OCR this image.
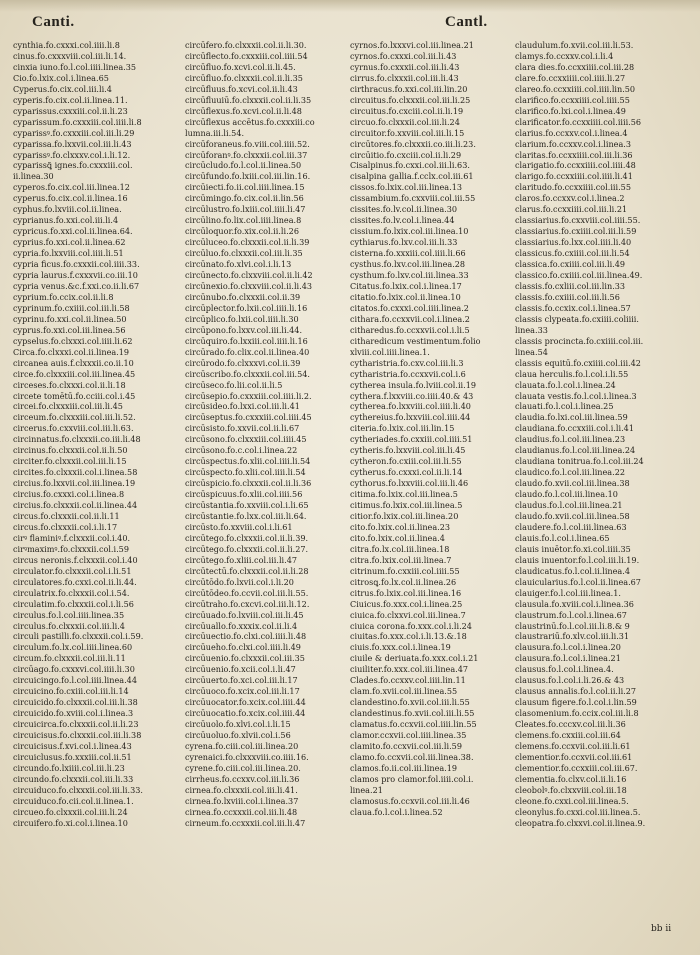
Canti.	Cantl.
cynthia.fo.cxxxi.col.iiii.li.8
cinus.fo.cxxxviii.col.iii.li.14.
cinxia iuno.fo.l.col.iiii.linea.35
Cio.fo.lxix.col.i.linea.65
Cyperus.fo.cix.col.iii.li.4
cyperis.fo.cix.col.ii.linea.11.
cyparissus.cxxxiii.col.ii.li.23
cyparissum.fo.cxxxiii.col.iiii.li.8
cyparissꝰ.fo.cxxxiii.col.iii.li.29
cyparissa.fo.lxxvii.col.iii.li.43
cyparissꝰ.fo.clxxxv.col.i.li.12.
cyparissꝗ̃ ignes.fo.cxxxiii.col.
ii.linea.30
cyperos.fo.cix.col.iii.linea.12
cyperus.fo.cix.col.ii.linea.16
cyphus.fo.lxviii.col.ii.linea.
cyprianus.fo.xxi.col.iii.li.4
cypricus.fo.xxi.col.ii.linea.64.
cyprius.fo.xxi.col.ii.linea.62
cypria.fo.lxxviii.col.iiii.li.51
cypria ficus.fo.cxxxii.col.iiii.33.
cypria laurus.f.cxxxvii.co.iii.10
cypria venus.&c.f.xxi.co.ii.li.67
cyprium.fo.ccix.col.ii.li.8
cyprinum.fo.cxiiii.col.iii.li.58
cyprinu.fo.xxi.col.ii.linea.50
cyprus.fo.xxi.col.iii.linea.56
cypselus.fo.clxxxi.col.iiii.li.62
Circa.fo.clxxxi.col.ii.linea.19
circanea auis.f.clxxxii.co.ii.10
circe.fo.clxxxiii.col.iii.linea.45
circeses.fo.clxxxi.col.ii.li.18
circete tomētū.fo.cciii.col.i.45
circei.fo.clxxxiii.col.iii.li.45
circeum.fo.clxxxiii.col.iii.li.52.
circerus.fo.cxxviii.col.iii.li.63.
circinnatus.fo.clxxxii.co.iii.li.48
circinus.fo.clxxxii.col.ii.li.50
circiter.fo.clxxxii.col.iii.li.15
circites.fo.clxxxii.col.i.linea.58
circius.fo.lxxvii.col.iii.linea.19
circius.fo.cxxxi.col.i.linea.8
circius.fo.clxxxii.col.ii.linea.44
circus.fo.clxxxii.col.ii.li.11
circus.fo.clxxxii.col.i.li.17
cirꝰ flaminiꝰ.f.clxxxii.col.i.40.
cirꝰmaximꝰ.fo.clxxxii.col.i.59
circus neronis.f.clxxxii.col.i.40
circulator.fo.clxxxii.col.i.li.51
circulatores.fo.cxxi.col.ii.li.44.
circulatrix.fo.clxxxii.col.i.54.
circulatim.fo.clxxxii.col.i.li.56
circulus.fo.l.col.iiii.linea.35
circulus.fo.clxxxii.col.iii.li.4
circuli pastilli.fo.clxxxii.col.i.59.
circulum.fo.lx.col.iiii.linea.60
circum.fo.clxxxii.col.iii.li.11
circūago.fo.cxxxvi.col.iiii.li.30
circuicingo.fo.l.col.iiii.linea.44
circuicino.fo.cxiii.col.iii.li.14
circuicido.fo.clxxxii.col.iii.li.38
circuicido.fo.xviii.col.i.linea.3
circuicirca.fo.clxxxii.col.ii.li.23
circuicisus.fo.clxxxii.col.iii.li.38
circuicisus.f.xvi.col.i.linea.43
circuiclusus.fo.xxxiii.col.ii.51
circundo.fo.lxiiii.col.iii.li.23
circundo.fo.clxxxii.col.iii.li.33
circuiduco.fo.clxxxii.col.iii.li.33.
circuiduco.fo.cii.col.ii.linea.1.
circueo.fo.clxxxii.col.iii.li.24
circuifero.fo.xi.col.i.linea.10
circūfero.fo.clxxxii.col.ii.li.30.
circūflecto.fo.cxxxiii.col.iiii.54
circūfluo.fo.xcvi.col.ii.li.45.
circūfluo.fo.clxxxii.col.ii.li.35
circūfluus.fo.xcvi.col.ii.li.43
circūfluuiū.fo.clxxxii.col.ii.li.35
circūflexus.fo.xcvi.col.ii.li.48
circūflexus accētus.fo.cxxxiii.co
lumna.iii.li.54.
circūforaneus.fo.viii.col.iiii.52.
circūforanꝰ.fo.clxxxii.col.iii.37
circūcludo.fo.l.col.ii.linea.50
circūfundo.fo.lxiii.col.iii.lin.16.
circūiecti.fo.ii.col.iiii.linea.15
circūmingo.fo.cix.col.ii.lin.56
circūlustro.fo.lxiii.col.iiii.li.47
circūlino.fo.lix.col.iiii.linea.8
circūloquor.fo.xix.col.ii.li.26
circūluceo.fo.clxxxii.col.ii.li.39
circūluo.fo.clxxxii.col.iii.li.35
circūnato.fo.xlvi.col.i.li.13
circūnecto.fo.clxxviii.col.ii.li.42
circūnexio.fo.clxxviii.col.ii.li.43
circūnubo.fo.clxxxii.col.ii.39
circūplector.fo.lxii.col.iiii.li.16
circūplico.fo.lxii.col.iiii.li.30
circūpono.fo.lxxv.col.iii.li.44.
circūquiro.fo.lxxiii.col.iiii.li.16
circūrado.fo.clix.col.ii.linea.40
circūrodo.fo.clxxxvi.col.ii.39
circūscribo.fo.clxxxii.col.iii.54.
circūseco.fo.lii.col.ii.li.5
circūsepio.fo.cxxxiii.col.iiii.li.2.
circūsideo.fo.lxxi.col.iii.li.41
circūseptus.fo.cxxxiii.col.iiii.45
circūsisto.fo.xxvii.col.ii.li.67
circūsono.fo.clxxxiii.col.iiii.45
circūsono.fo.c.col.i.linea.22
circūspectus.fo.xlii.col.iiii.li.54
circūspecto.fo.xlii.col.iiii.li.54
circūspicio.fo.clxxxii.col.ii.li.36
circūspicuus.fo.xlii.col.iiii.56
circūstantia.fo.xxviii.col.i.li.65
circūstantie.fo.lxx.col.iii.li.64.
circūsto.fo.xxviii.col.i.li.61
circūtego.fo.clxxxii.col.ii.li.39.
circūtego.fo.clxxxii.col.ii.li.27.
circūtego.fo.xliii.col.iii.li.47
circūtectū.fo.clxxxii.col.ii.li.28
circūtōdo.fo.lxvii.col.i.li.20
circūtōdeo.fo.ccvii.col.iii.li.55.
circūtraho.fo.cxcvi.col.iii.li.12.
circūuado.fo.lxviii.col.iii.li.45
circūuallo.fo.xxxix.col.ii.li.4
circūuectio.fo.clxi.col.iiii.li.48
circūueho.fo.clxi.col.iiii.li.49
circūuenio.fo.clxxxii.col.iii.35
circūuenio.fo.xcii.col.i.li.47
circūuerto.fo.xci.col.iii.li.17
circūuoco.fo.xcix.col.iii.li.17
circūuocator.fo.xcix.col.iiii.44
circūuocatio.fo.xcix.col.iiii.44
circūuolo.fo.xlvi.col.i.li.15
circūuoluo.fo.xlvii.col.i.56
cyrena.fo.ciii.col.iii.linea.20
cyrenaici.fo.clxxxviii.co.iiii.16.
cyrene.fo.ciii.col.iii.linea.20.
cirrheus.fo.ccxxv.col.iii.li.36
cirnea.fo.clxxxii.col.iii.li.41.
cirnea.fo.lxviii.col.i.linea.37
cirnea.fo.ccxxxii.col.iii.li.48
cirneum.fo.ccxxxii.col.iii.li.47
cyrnos.fo.lxxxvi.col.iii.linea.21
cyrnos.fo.cxxxi.col.iii.li.43
cyrnus.fo.cxxxii.col.iii.li.43
cirrus.fo.clxxxii.col.iii.li.43
cirthracus.fo.xxi.col.iii.lin.20
circuitus.fo.clxxxii.col.iii.li.25
circuitus.fo.cxciii.col.ii.li.19
circuo.fo.clxxxii.col.iii.li.24
circuitor.fo.xxviii.col.iii.li.15
circūtores.fo.clxxxii.co.iii.li.23.
circūitio.fo.cxciii.col.ii.li.29
Cisalpinus.fo.cxxi.col.iii.li.63.
cisalpina gallia.f.cclx.col.iii.61
cissos.fo.lxix.col.iii.linea.13
cissambium.fo.cxxviii.col.iii.55
cissites.fo.lv.col.ii.linea.30
cissites.fo.lv.col.i.linea.44
cissium.fo.lxix.col.iii.linea.10
cythiarus.fo.lxv.col.iii.li.33
cisterna.fo.xxxiii.col.iiii.li.66
cysthus.fo.lxv.col.iii.linea.28
cysthum.fo.lxv.col.iii.linea.33
Citatus.fo.lxix.col.i.linea.17
citatio.fo.lxix.col.ii.linea.10
citatos.fo.cxxxi.col.iiii.linea.2
cithara.fo.ccxxvii.col.i.linea.2
citharedus.fo.ccxxvii.col.i.li.5
citharedicum vestimentum.folio
xlviii.col.iiii.linea.1.
cytharistria.fo.cxv.col.iii.li.3
cytharistria.fo.ccxxvii.col.i.6
cytherea insula.fo.lviii.col.ii.19
cythera.f.lxxviii.co.iiii.40.& 43
cytherea.fo.lxxviii.col.iiii.li.40
cythereius.fo.lxxviii.col.iiii.44
citeria.fo.lxix.col.iii.lin.15
cytheriades.fo.cxxiii.col.iiii.51
cytheris.fo.lxxviii.col.iii.li.45
cytheron.fo.cxiii.col.iii.li.55
cytherus.fo.cxxxi.col.ii.li.14
cythorus.fo.lxxviii.col.iii.li.46
citima.fo.lxix.col.iii.linea.5
citimus.fo.lxix.col.iii.linea.5
citior.fo.lxix.col.iii.linea.20
cito.fo.lxix.col.ii.linea.23
cito.fo.lxix.col.ii.linea.4
citra.fo.lx.col.iii.linea.18
citra.fo.lxix.col.iii.linea.7
citrinum.fo.cxxiii.col.iiii.55
citrosꝗ.fo.lx.col.ii.linea.26
citrus.fo.lxix.col.iii.linea.16
Ciuicus.fo.xxx.col.i.linea.25
ciuica.fo.clxxvi.col.iii.linea.7
ciuica corona.fo.xxx.col.i.li.24
ciuitas.fo.xxx.col.i.li.13.&.18
ciuis.fo.xxx.col.i.linea.19
ciuile & deriuata.fo.xxx.col.i.21
ciuiliter.fo.xxx.col.iii.linea.47
Clades.fo.ccxxv.col.iiii.lin.11
clam.fo.xvii.col.iii.linea.55
clandestino.fo.xvii.col.iii.li.55
clandestinus.fo.xvii.col.iii.li.55
clamatus.fo.ccxvii.col.iiii.lin.55
clamor.ccxvii.col.iiii.linea.35
clamito.fo.ccxvii.col.iii.li.59
clamo.fo.ccxvii.col.iii.linea.38.
clamos.fo.ii.col.iii.linea.19
clamos pro clamor.fol.iiii.col.i.
linea.21
clamosus.fo.ccxvii.col.iii.li.46
claua.fo.l.col.i.linea.52
claudulum.fo.xvii.col.iii.li.53.
clamys.fo.ccxxv.col.i.li.4
clara dies.fo.ccxxiiii.col.iii.28
clare.fo.ccxxiiii.col.iiii.li.27
clareo.fo.ccxxiiii.col.iiii.lin.50
clarifico.fo.ccxxiiii.col.iiii.55
clarifico.fo.lxi.col.i.linea.49
clarificator.fo.ccxxiiii.col.iiii.56
clarius.fo.ccxxv.col.i.linea.4
clarium.fo.ccxxv.col.i.linea.3
claritas.fo.ccxxiiii.col.iii.li.36
clarigatio.fo.ccxxiiii.col.iiii.48
clarigo.fo.ccxxiiii.col.iiii.li.41
claritudo.fo.ccxxiiii.col.iii.55
claros.fo.ccxxv.col.i.linea.2
clarus.fo.ccxxiiii.col.iii.li.21
classiarius.fo.cxxviii.col.iiii.55.
classiarius.fo.cxiiii.col.iii.li.59
classiarius.fo.lxx.col.iiii.li.40
classicus.fo.cxiiii.col.iii.li.54
classica.fo.cxiiii.col.iii.li.49
classico.fo.cxiiii.col.iii.linea.49.
classis.fo.cxliii.col.iii.lin.33
classis.fo.cxiiii.col.iii.li.56
classis.fo.ccxix.col.i.linea.57
classis clypeata.fo.cxiiii.coliiii.
linea.33
classis procincta.fo.cxiiii.col.iii.
linea.54
classis equitū.fo.cxiiii.col.iii.42
claua herculis.fo.l.col.i.li.55
clauata.fo.l.col.i.linea.24
clauata vestis.fo.l.col.i.linea.3
clauati.fo.l.col.i.linea.25
claudia.fo.lxi.col.iii.linea.59
claudiana.fo.ccxxiii.col.i.li.41
claudius.fo.l.col.iii.linea.23
claudianus.fo.l.col.iii.linea.24
claudiana tonitrua.fo.l.col.iii.24
claudico.fo.l.col.iii.linea.22
claudo.fo.xvii.col.iii.linea.38
claudo.fo.l.col.iii.linea.10
claudus.fo.l.col.iii.linea.21
claudo.fo.xvii.col.iii.linea.58
claudere.fo.l.col.iii.linea.63
clauis.fo.l.col.i.linea.65
clauis inuētor.fo.xi.col.iiii.35
clauis inuentor.fo.l.col.iii.li.19.
claudicatus.fo.l.col.ii.linea.4
clauicularius.fo.l.col.ii.linea.67
clauiger.fo.l.col.iii.linea.1.
clausula.fo.xviii.col.i.linea.36
claustrum.fo.l.col.i.linea.67
claustrinū.fo.l.col.iii.li.8.& 9
claustrariū.fo.xlv.col.iii.li.31
clausura.fo.l.col.i.linea.20
clausura.fo.l.col.i.linea.21
clausus.fo.l.col.i.linea.4.
clausus.fo.l.col.i.li.26.& 43
clausus annalis.fo.l.col.ii.li.27
clausum figere.fo.l.col.i.lin.59
clasomenium.fo.ccix.col.iii.li.8
Cleates.fo.cccxv.col.iii.li.36
clemens.fo.cxxiii.col.iii.64
clemens.fo.ccxvii.col.iii.li.61
clementior.fo.ccxvii.col.iii.61
clementior.fo.ccxxiii.col.iii.67.
clementia.fo.clxv.col.ii.li.16
cleobolꝰ.fo.clxxviii.col.iii.18
cleone.fo.cxxi.col.iii.linea.5.
cleonylus.fo.cxxi.col.iii.linea.5.
cleopatra.fo.clxxvi.col.ii.linea.9.
bb ii
